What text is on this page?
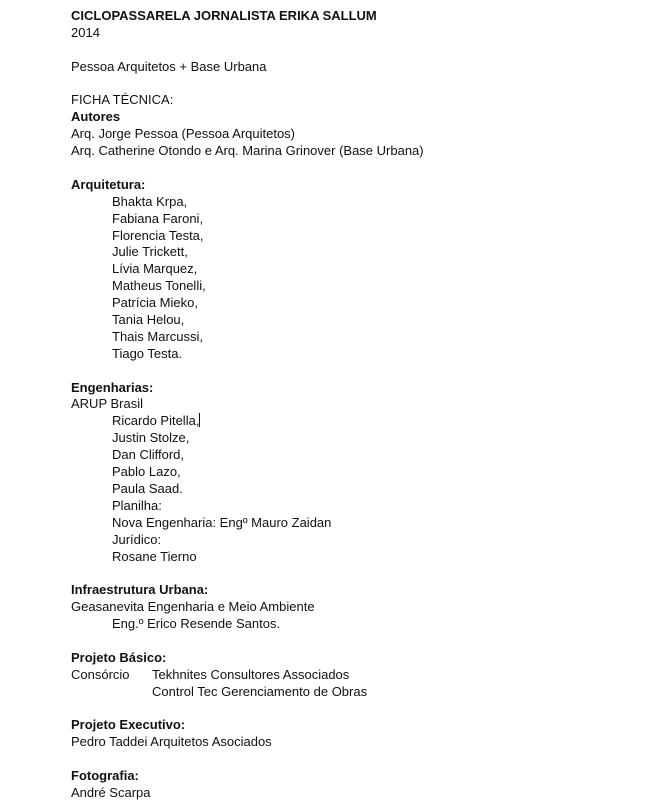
CICLOPASSARELA JORNALISTA ERIKA SALLUM
2014
Pessoa Arquitetos + Base Urbana
FICHA TÉCNICA:
Autores
Arq. Jorge Pessoa (Pessoa Arquitetos)
Arq. Catherine Otondo e Arq. Marina Grinover (Base Urbana)
Arquitetura:
Bhakta Krpa,
Fabiana Faroni,
Florencia Testa,
Julie Trickett,
Lívia Marquez,
Matheus Tonelli,
Patrícia Mieko,
Tania Helou,
Thais Marcussi,
Tiago Testa.
Engenharias:
ARUP Brasil
Ricardo Pitella,
Justin Stolze,
Dan Clifford,
Pablo Lazo,
Paula Saad.
Planilha:
Nova Engenharia: Engº Mauro Zaidan
Jurídico:
Rosane Tierno
Infraestrutura Urbana:
Geasanevita Engenharia e Meio Ambiente
Eng.º Erico Resende Santos.
Projeto Básico:
Consórcio Tekhnites Consultores Associados
Control Tec Gerenciamento de Obras
Projeto Executivo:
Pedro Taddei Arquitetos Asociados
Fotografia:
André Scarpa
